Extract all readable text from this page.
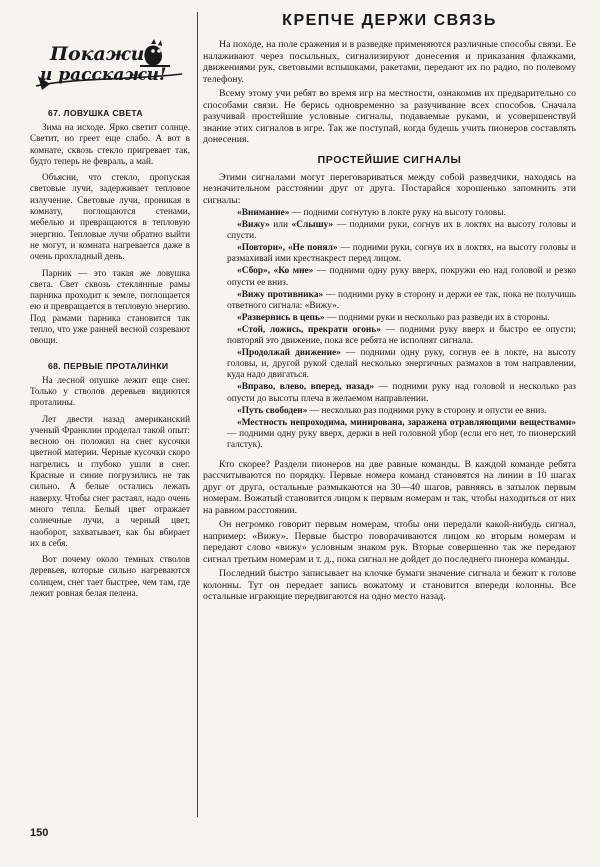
Покажи
и расскажи!
67. ЛОВУШКА СВЕТА

Зима на исходе. Ярко светит солнце. Светит, но греет еще слабо. А вот в комнате, сквозь стекло пригревает так, будто теперь не февраль, а май.

Объясни, что стекло, пропуская световые лучи, задерживает тепловое излучение. Световые лучи, проникая в комнату, поглощаются стенами, мебелью и превращаются в тепловую энергию. Тепловые лучи обратно выйти не могут, и комната нагревается даже в очень прохладный день.

Парник — это такая же ловушка света. Свет сквозь стеклянные рамы парника проходит к земле, поглощается ею и превращается в тепловую энергию. Под рамами парника становится так тепло, что уже ранней весной созревают овощи.

68. ПЕРВЫЕ ПРОТАЛИНКИ

На лесной опушке лежит еще снег. Только у стволов деревьев видиются проталины.

Лет двести назад американский ученый Франклин проделал такой опыт: весною он положил на снег кусочки цветной материи. Черные кусочки скоро нагрелись и глубоко ушли в снег. Красные и синие погрузились не так сильно. А белые остались лежать наверху. Чтобы снег растаял, надо очень много тепла. Белый цвет отражает солнечные лучи, а черный цвет, наоборот, захватывает, как бы вбирает их в себя.

Вот почему около темных стволов деревьев, которые сильно нагреваются солнцем, снег тает быстрее, чем там, где лежит ровная белая пелена.

КРЕПЧЕ ДЕРЖИ СВЯЗЬ

На походе, на поле сражения и в разведке применяются различные способы связи. Ее налаживают через посыльных, сигнализируют донесения и приказания флажками, движениями рук, световыми вспышками, ракетами, передают их по радио, по полевому телефону.

Всему этому учи ребят во время игр на местности, ознакомив их предварительно со способами связи. Не берись одновременно за разучивание всех способов. Сначала разучивай простейшие условные сигналы, подаваемые руками, и усовершенствуй знание этих сигналов в игре. Так же поступай, когда будешь учить пионеров составлять донесения.

ПРОСТЕЙШИЕ СИГНАЛЫ

Этими сигналами могут переговариваться между собой разведчики, находясь на незначительном расстоянии друг от друга. Постарайся хорошенько запомнить эти сигналы:

«Внимание» — подними согнутую в локте руку на высоту головы.

«Вижу» или «Слышу» — подними руки, согнув их в локтях на высоту головы и спусти.

«Повтори», «Не понял» — подними руки, согнув их в локтях, на высоту головы и размахивай ими крестнакрест перед лицом.

«Сбор», «Ко мне» — подними одну руку вверх, покружи ею над головой и резко опусти ее вниз.

«Вижу противника» — подними руку в сторону и держи ее так, пока не получишь ответного сигнала: «Вижу».

«Развернись в цепь» — подними руки и несколько раз разведи их в стороны.

«Стой, ложись, прекрати огонь» — подними руку вверх и быстро ее опусти; повторяй это движение, пока все ребята не исполнят сигнала.

«Продолжай движение» — подними одну руку, согнув ее в локте, на высоту головы, и, другой рукой сделай несколько энергичных размахов в том направлении, куда надо двигаться.

«Вправо, влево, вперед, назад» — подними руку над головой и несколько раз опусти до высоты плеча в желаемом направлении.

«Путь свободен» — несколько раз подними руку в сторону и опусти ее вниз.

«Местность непроходима, минирована, заражена отравляющими веществами» — подними одну руку вверх, держи в ней головной убор (если его нет, то пионерский галстук).

Кто скорее? Раздели пионеров на две равные команды. В каждой команде ребята рассчитываются по порядку. Первые номера команд становятся на линии в 10 шагах друг от друга, остальные размыкаются на 30—40 шагов, равняясь в затылок первым номерам. Вожатый становится лицом к первым номерам и так, чтобы находиться от них на равном расстоянии.

Он негромко говорит первым номерам, чтобы они передали какой-нибудь сигнал, например: «Вижу». Первые быстро поворачиваются лицом ко вторым номерам и передают слово «вижу» условным знаком рук. Вторые совершенно так же передают сигнал третьим номерам и т. д., пока сигнал не дойдет до последнего пионера команды.

Последний быстро записывает на клочке бумаги значение сигнала и бежит к голове колонны. Тут он передает запись вожатому и становится впереди колонны. Все остальные играющие передвигаются на одно место назад.

150
